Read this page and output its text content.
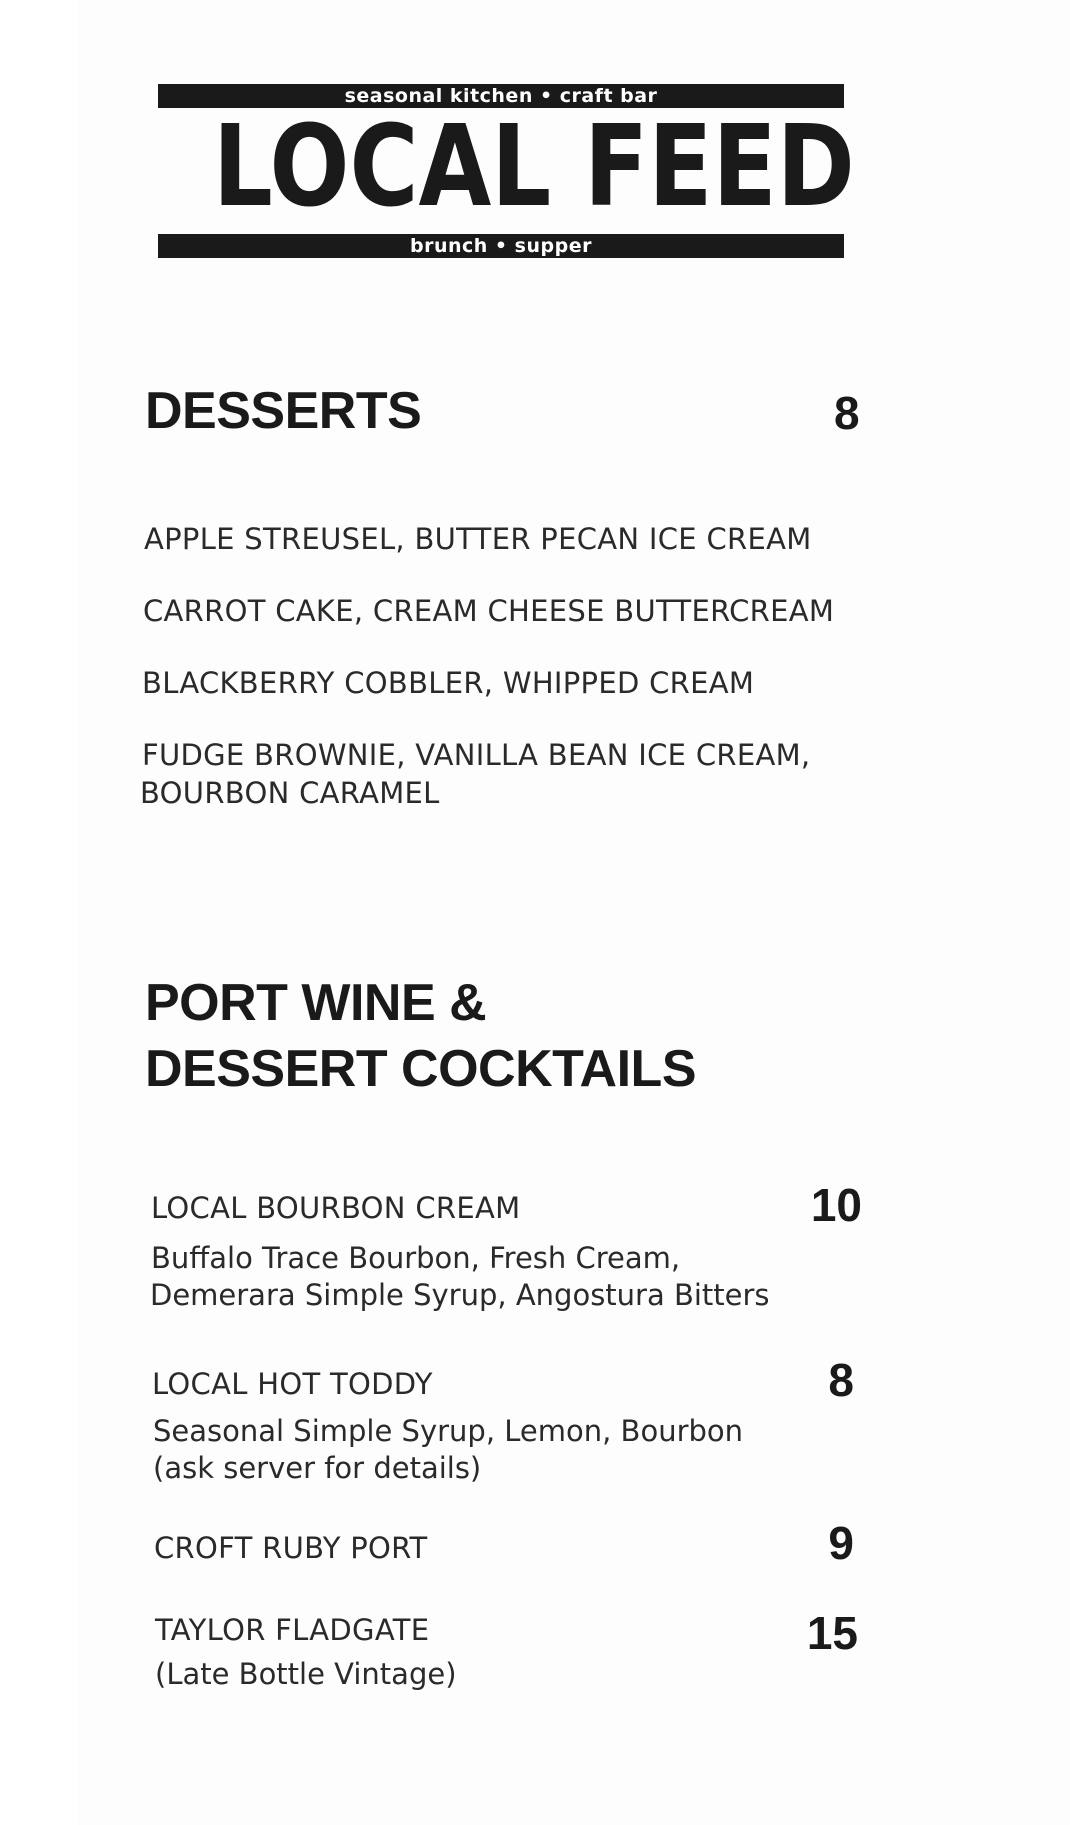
seasonal kitchen • craft bar
LOCAL FEED
brunch • supper
DESSERTS	8
APPLE STREUSEL, BUTTER PECAN ICE CREAM
CARROT CAKE, CREAM CHEESE BUTTERCREAM
BLACKBERRY COBBLER, WHIPPED CREAM
FUDGE BROWNIE, VANILLA BEAN ICE CREAM,
BOURBON CARAMEL
PORT WINE &
DESSERT COCKTAILS
LOCAL BOURBON CREAM	10
Buffalo Trace Bourbon, Fresh Cream,
Demerara Simple Syrup, Angostura Bitters
LOCAL HOT TODDY	8
Seasonal Simple Syrup, Lemon, Bourbon
(ask server for details)
CROFT RUBY PORT	9
TAYLOR FLADGATE	15
(Late Bottle Vintage)
